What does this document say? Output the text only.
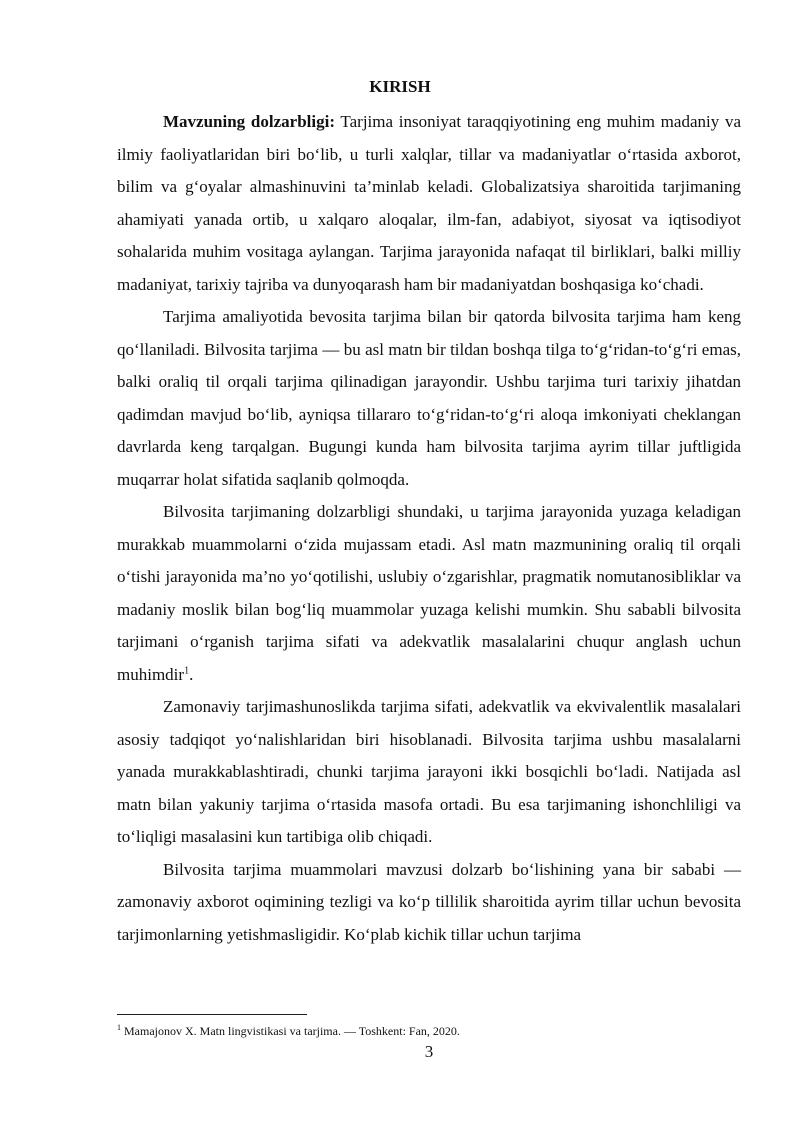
KIRISH

Mavzuning dolzarbligi: Tarjima insoniyat taraqqiyotining eng muhim madaniy va ilmiy faoliyatlaridan biri bo‘lib, u turli xalqlar, tillar va madaniyatlar o‘rtasida axborot, bilim va g‘oyalar almashinuvini ta’minlab keladi. Globalizatsiya sharoitida tarjimaning ahamiyati yanada ortib, u xalqaro aloqalar, ilm-fan, adabiyot, siyosat va iqtisodiyot sohalarida muhim vositaga aylangan. Tarjima jarayonida nafaqat til birliklari, balki milliy madaniyat, tarixiy tajriba va dunyoqarash ham bir madaniyatdan boshqasiga ko‘chadi.

Tarjima amaliyotida bevosita tarjima bilan bir qatorda bilvosita tarjima ham keng qo‘llaniladi. Bilvosita tarjima — bu asl matn bir tildan boshqa tilga to‘g‘ridan-to‘g‘ri emas, balki oraliq til orqali tarjima qilinadigan jarayondir. Ushbu tarjima turi tarixiy jihatdan qadimdan mavjud bo‘lib, ayniqsa tillararo to‘g‘ridan-to‘g‘ri aloqa imkoniyati cheklangan davrlarda keng tarqalgan. Bugungi kunda ham bilvosita tarjima ayrim tillar juftligida muqarrar holat sifatida saqlanib qolmoqda.

Bilvosita tarjimaning dolzarbligi shundaki, u tarjima jarayonida yuzaga keladigan murakkab muammolarni o‘zida mujassam etadi. Asl matn mazmunining oraliq til orqali o‘tishi jarayonida ma’no yo‘qotilishi, uslubiy o‘zgarishlar, pragmatik nomutanosibliklar va madaniy moslik bilan bog‘liq muammolar yuzaga kelishi mumkin. Shu sababli bilvosita tarjimani o‘rganish tarjima sifati va adekvatlik masalalarini chuqur anglash uchun muhimdir$^1$.

Zamonaviy tarjimashunoslikda tarjima sifati, adekvatlik va ekvivalentlik masalalari asosiy tadqiqot yo‘nalishlaridan biri hisoblanadi. Bilvosita tarjima ushbu masalalarni yanada murakkablashtiradi, chunki tarjima jarayoni ikki bosqichli bo‘ladi. Natijada asl matn bilan yakuniy tarjima o‘rtasida masofa ortadi. Bu esa tarjimaning ishonchliligi va to‘liqligi masalasini kun tartibiga olib chiqadi.

Bilvosita tarjima muammolari mavzusi dolzarb bo‘lishining yana bir sababi — zamonaviy axborot oqimining tezligi va ko‘p tillilik sharoitida ayrim tillar uchun bevosita tarjimonlarning yetishmasligidir. Ko‘plab kichik tillar uchun tarjima

$^1$ Mamajonov X. Matn lingvistikasi va tarjima. — Toshkent: Fan, 2020.
3
